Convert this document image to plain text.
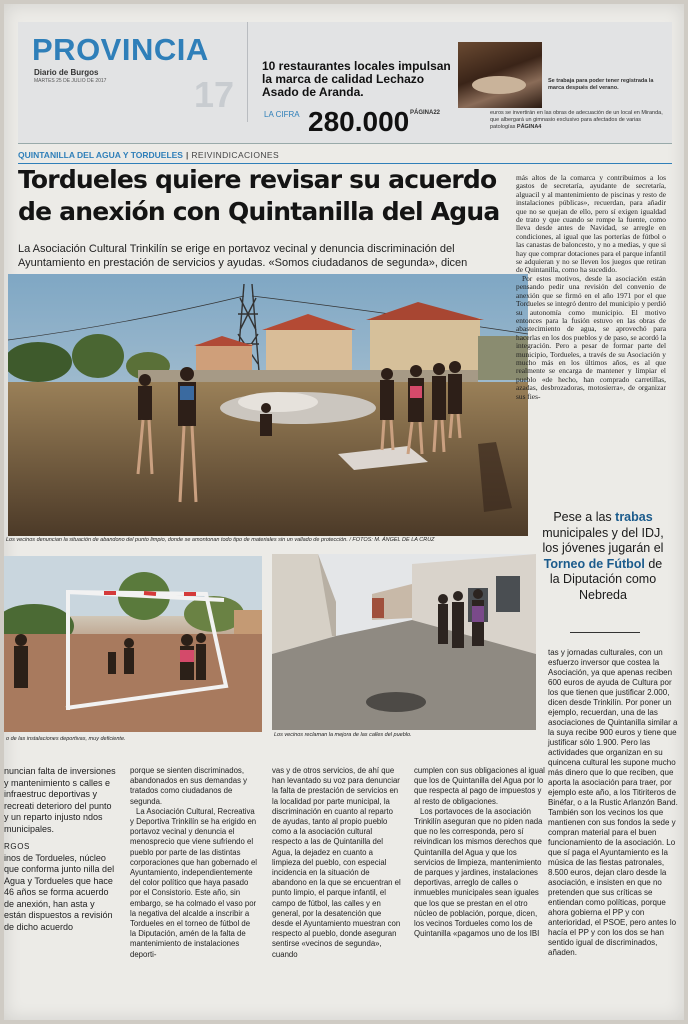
PROVINCIA
Diario de Burgos
MARTES 25 DE JULIO DE 2017 17
10 restaurantes locales impulsan
la marca de calidad Lechazo
Asado de Aranda.
PÁGINA22
Se trabaja para poder tener registrada la marca después del verano.
LA CIFRA 280.000	euros se invertirán en las obras de adecuación de un local en Miranda, que albergará un gimnasio exclusivo para afectados de varias patologías PÁGINA4
QUINTANILLA DEL AGUA Y TORDUELES | REIVINDICACIONES
Tordueles quiere revisar su acuerdo
de anexión con Quintanilla del Agua
La Asociación Cultural Trinkilín se erige en portavoz vecinal y denuncia discriminación del Ayuntamiento en prestación de servicios y ayudas. «Somos ciudadanos de segunda», dicen
Los vecinos denuncian la situación de abandono del punto limpio, donde se amontonan todo tipo de materiales sin un vallado de protección. / FOTOS: M. ÁNGEL DE LA CRUZ
o de las instalaciones deportivas, muy deficiente.
Los vecinos reclaman la mejora de las calles del pueblo.

más altos de la comarca y contribuimos a los gastos de secretaría, ayudante de secretaría, alguacil y al mantenimiento de piscinas y resto de instalaciones públicas», recuerdan, para añadir que no se quejan de ello, pero sí exigen igualdad de trato y que cuando se rompe la fuente, como lleva desde antes de Navidad, se arregle en condiciones, al igual que las porterías de fútbol o las canastas de baloncesto, y no a medias, y que si hay que comprar dotaciones para el parque infantil se adquieran y no se lleven los juegos que retiran de Quintanilla, como ha sucedido.

Por estos motivos, desde la asociación están pensando pedir una revisión del convenio de anexión que se firmó en el año 1971 por el que Tordueles se integró dentro del municipio y perdió su autonomía como municipio. El motivo entonces para la fusión estuvo en las obras de abastecimiento de agua, se aprovechó para hacerlas en los dos pueblos y de paso, se acordó la integración. Pero a pesar de formar parte del municipio, Tordueles, a través de su Asociación y mucho más en los últimos años, es al que realmente se encarga de mantener y limpiar el pueblo «de hecho, han comprado carretillas, azadas, desbrozadoras, motosierra», de organizar sus fies-

Pese a las trabas municipales y del IDJ, los jóvenes jugarán el Torneo de Fútbol de la Diputación como Nebreda
tas y jornadas culturales, con un esfuerzo inversor que costea la Asociación, ya que apenas reciben 600 euros de ayuda de Cultura por los que tienen que justificar 2.000, dicen desde Trinkilín. Por poner un ejemplo, recuerdan, una de las asociaciones de Quintanilla similar a la suya recibe 900 euros y tiene que justificar sólo 1.900. Pero las actividades que organizan en su quincena cultural les supone mucho más dinero que lo que reciben, que aporta la asociación para traer, por ejemplo este año, a los Titiriteros de Binéfar, o a la Rustic Arlanzón Band. También son los vecinos los que mantienen con sus fondos la sede y compran material para el buen funcionamiento de la asociación. Lo que sí paga el Ayuntamiento es la música de las fiestas patronales, 8.500 euros, dejan claro desde la asociación, e insisten en que no pretenden que sus críticas se entiendan como políticas, porque ahora gobierna el PP y con anterioridad, el PSOE, pero antes lo hacía el PP y con los dos se han sentido igual de discriminados, añaden.

nuncian falta de inversiones y mantenimiento s calles e infraestruc deportivas y recreati deterioro del punto y un reparto injusto ndos municipales.

RGOS

inos de Tordueles, núcleo que conforma junto nilla del Agua y Tordueles que hace 46 años se forma acuerdo de anexión, han asta y están dispuestos a revisión de dicho acuerdo

porque se sienten discriminados, abandonados en sus demandas y tratados como ciudadanos de segunda.

La Asociación Cultural, Recreativa y Deportiva Trinkilín se ha erigido en portavoz vecinal y denuncia el menosprecio que viene sufriendo el pueblo por parte de las distintas corporaciones que han gobernado el Ayuntamiento, independientemente del color político que haya pasado por el Consistorio. Este año, sin embargo, se ha colmado el vaso por la negativa del alcalde a inscribir a Tordueles en el torneo de fútbol de la Diputación, amén de la falta de mantenimiento de instalaciones deporti-

vas y de otros servicios, de ahí que han levantado su voz para denunciar la falta de prestación de servicios en la localidad por parte municipal, la discriminación en cuanto al reparto de ayudas, tanto al propio pueblo como a la asociación cultural respecto a las de Quintanilla del Agua, la dejadez en cuanto a limpieza del pueblo, con especial incidencia en la situación de abandono en la que se encuentran el punto limpio, el parque infantil, el campo de fútbol, las calles y en general, por la desatención que desde el Ayuntamiento muestran con respecto al pueblo, donde aseguran sentirse «vecinos de segunda», cuando

cumplen con sus obligaciones al igual que los de Quintanilla del Agua por lo que respecta al pago de impuestos y al resto de obligaciones.

Los portavoces de la asociación Trinkilín aseguran que no piden nada que no les corresponda, pero sí reivindican los mismos derechos que Quintanilla del Agua y que los servicios de limpieza, mantenimiento de parques y jardines, instalaciones deportivas, arreglo de calles o inmuebles municipales sean iguales que los que se prestan en el otro núcleo de población, porque, dicen, los vecinos Tordueles como los de Quintanilla «pagamos uno de los IBI
